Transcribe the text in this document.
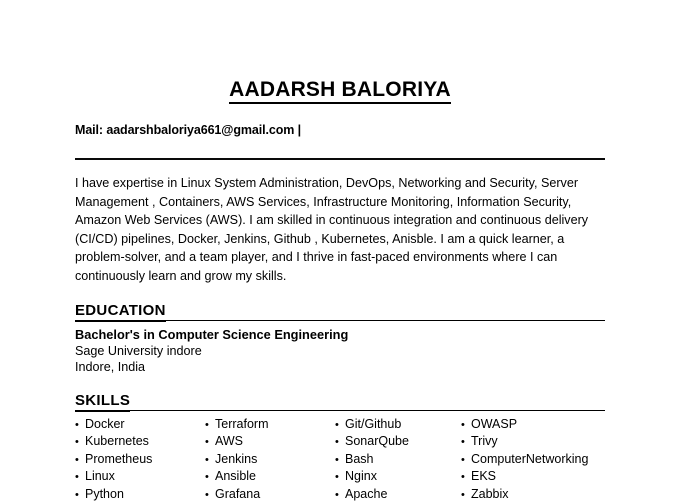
AADARSH BALORIYA
Mail: aadarshbaloriya661@gmail.com |
I have expertise in Linux System Administration, DevOps, Networking and Security, Server Management , Containers, AWS Services, Infrastructure Monitoring, Information Security, Amazon Web Services (AWS). I am skilled in continuous integration and continuous delivery (CI/CD) pipelines, Docker, Jenkins, Github , Kubernetes, Anisble. I am a quick learner, a problem-solver, and a team player, and I thrive in fast-paced environments where I can continuously learn and grow my skills.
EDUCATION
Bachelor's in Computer Science Engineering
Sage University indore
Indore, India
SKILLS
• Docker	• Terraform	• Git/Github	• OWASP
• Kubernetes	• AWS	• SonarQube	• Trivy
• Prometheus	• Jenkins	• Bash	• ComputerNetworking
• Linux	• Ansible	• Nginx	• EKS
• Python	• Grafana	• Apache	• Zabbix
